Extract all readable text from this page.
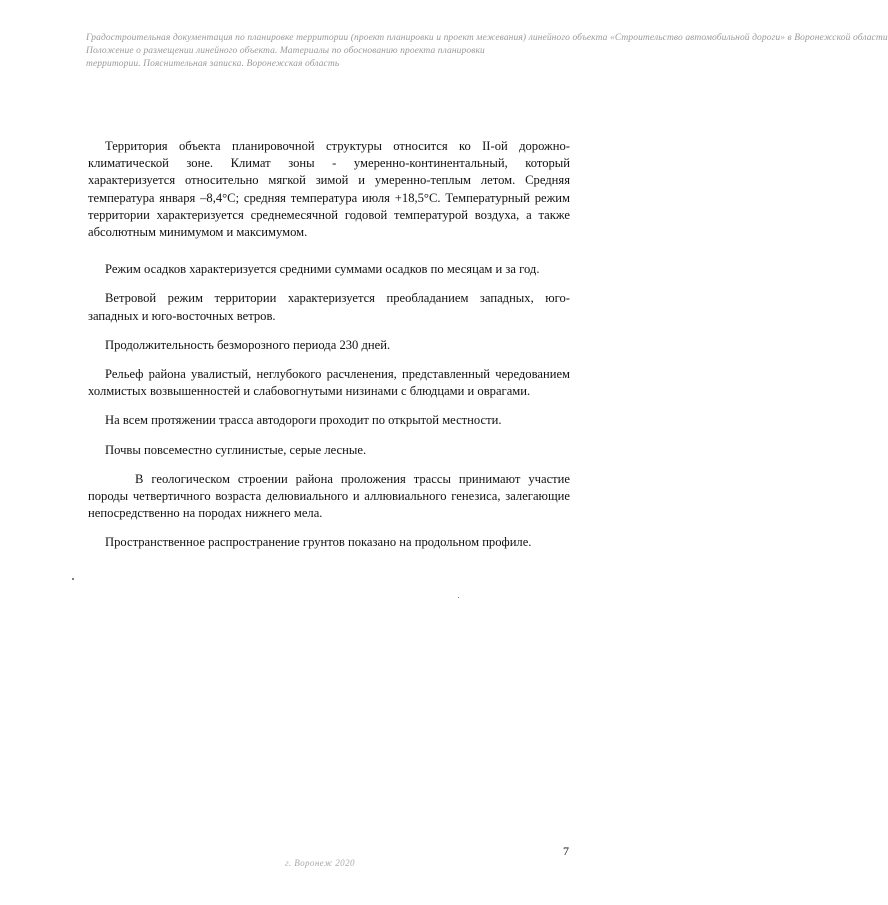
Градостроительная документация по планировке территории (проект планировки и проект межевания) линейного объекта «Строительство автомобильной дороги» в Воронежской области
Положение о размещении линейного объекта. Материалы по обоснованию проекта планировки
территории. Пояснительная записка. Воронежская область

Территория объекта планировочной структуры относится ко II-ой дорожно-климатической зоне. Климат зоны - умеренно-континентальный, который характеризуется относительно мягкой зимой и умеренно-теплым летом. Средняя температура января –8,4°С; средняя температура июля +18,5°С. Температурный режим территории характеризуется среднемесячной годовой температурой воздуха, а также абсолютным минимумом и максимумом.

Режим осадков характеризуется средними суммами осадков по месяцам и за год.

Ветровой режим территории характеризуется преобладанием западных, юго-западных и юго-восточных ветров.

Продолжительность безморозного периода 230 дней.

Рельеф района увалистый, неглубокого расчленения, представленный чередованием холмистых возвышенностей и слабовогнутыми низинами с блюдцами и оврагами.

На всем протяжении трасса автодороги проходит по открытой местности.

Почвы повсеместно суглинистые, серые лесные.

В геологическом строении района проложения трассы принимают участие породы четвертичного возраста делювиального и аллювиального генезиса, залегающие непосредственно на породах нижнего мела.

Пространственное распространение грунтов показано на продольном профиле.

7
г. Воронеж 2020
